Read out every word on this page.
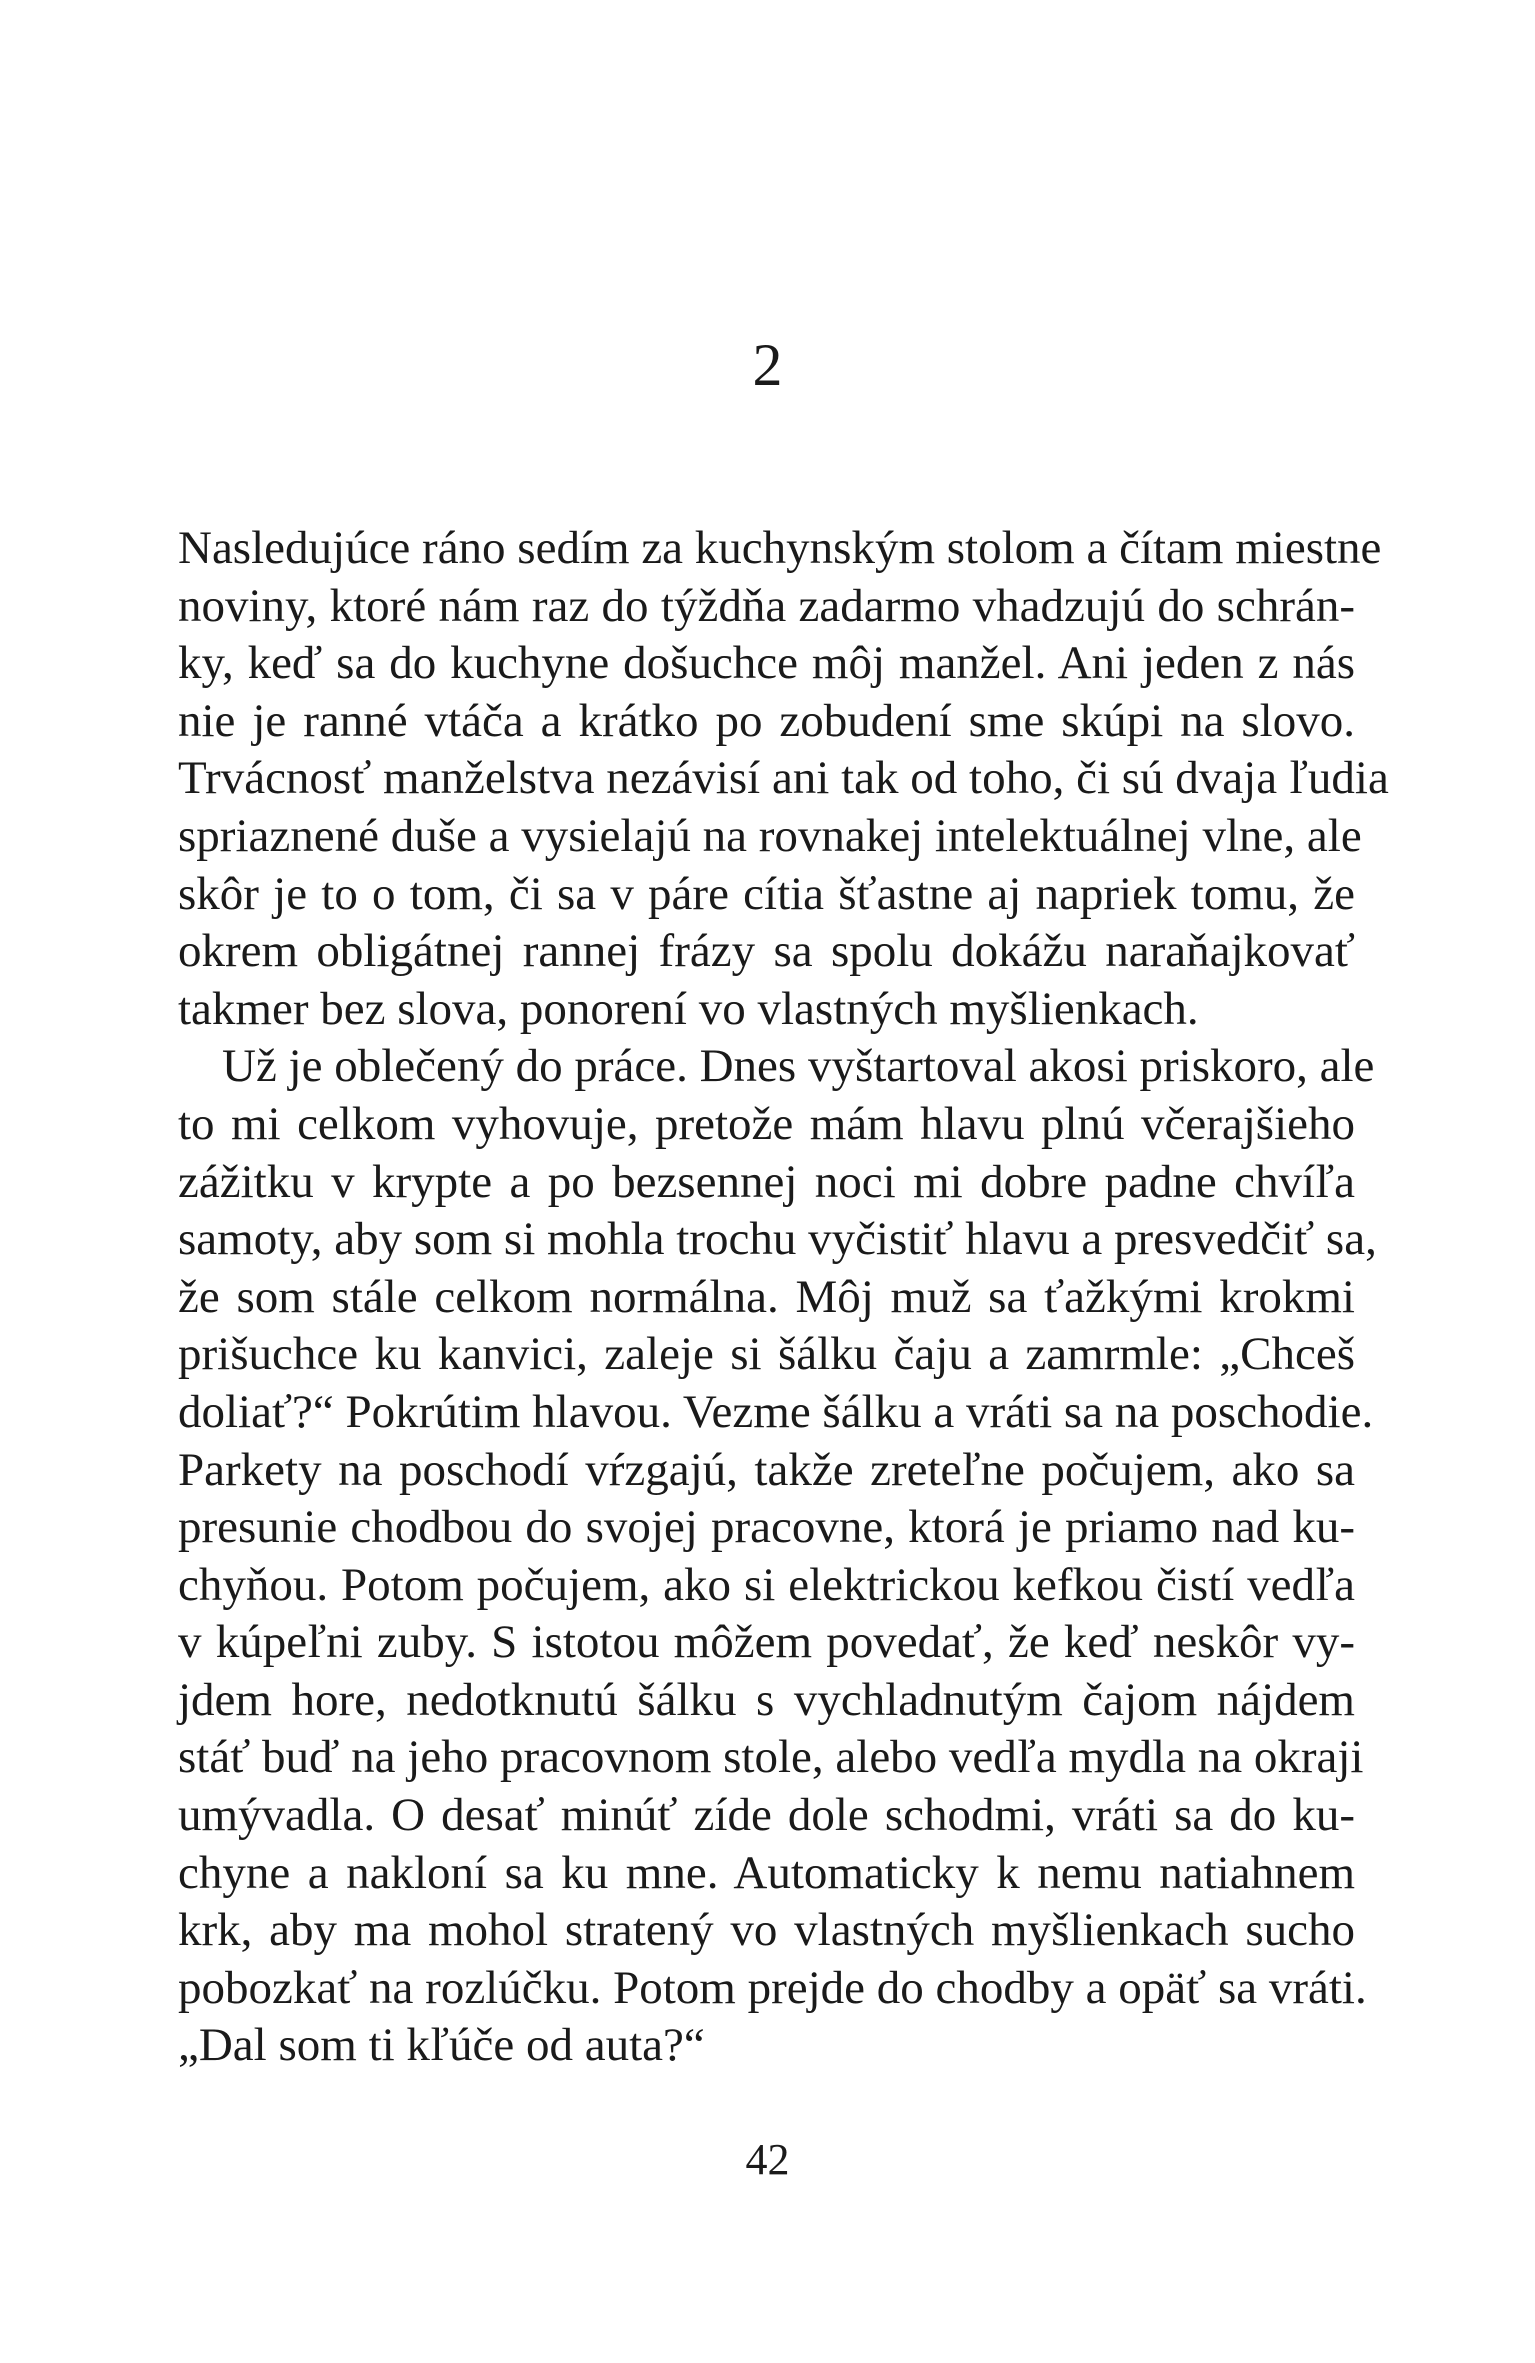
2
Nasledujúce ráno sedím za kuchynským stolom a čítam miestne
noviny, ktoré nám raz do týždňa zadarmo vhadzujú do schrán-
ky, keď sa do kuchyne došuchce môj manžel. Ani jeden z nás
nie je ranné vtáča a krátko po zobudení sme skúpi na slovo.
Trvácnosť manželstva nezávisí ani tak od toho, či sú dvaja ľudia
spriaznené duše a vysielajú na rovnakej intelektuálnej vlne, ale
skôr je to o tom, či sa v páre cítia šťastne aj napriek tomu, že
okrem obligátnej rannej frázy sa spolu dokážu naraňajkovať
takmer bez slova, ponorení vo vlastných myšlienkach.
Už je oblečený do práce. Dnes vyštartoval akosi priskoro, ale
to mi celkom vyhovuje, pretože mám hlavu plnú včerajšieho
zážitku v krypte a po bezsennej noci mi dobre padne chvíľa
samoty, aby som si mohla trochu vyčistiť hlavu a presvedčiť sa,
že som stále celkom normálna. Môj muž sa ťažkými krokmi
prišuchce ku kanvici, zaleje si šálku čaju a zamrmle: „Chceš
doliať?“ Pokrútim hlavou. Vezme šálku a vráti sa na poschodie.
Parkety na poschodí vŕzgajú, takže zreteľne počujem, ako sa
presunie chodbou do svojej pracovne, ktorá je priamo nad ku-
chyňou. Potom počujem, ako si elektrickou kefkou čistí vedľa
v kúpeľni zuby. S istotou môžem povedať, že keď neskôr vy-
jdem hore, nedotknutú šálku s vychladnutým čajom nájdem
stáť buď na jeho pracovnom stole, alebo vedľa mydla na okraji
umývadla. O desať minúť zíde dole schodmi, vráti sa do ku-
chyne a nakloní sa ku mne. Automaticky k nemu natiahnem
krk, aby ma mohol stratený vo vlastných myšlienkach sucho
pobozkať na rozlúčku. Potom prejde do chodby a opäť sa vráti.
„Dal som ti kľúče od auta?“
42
